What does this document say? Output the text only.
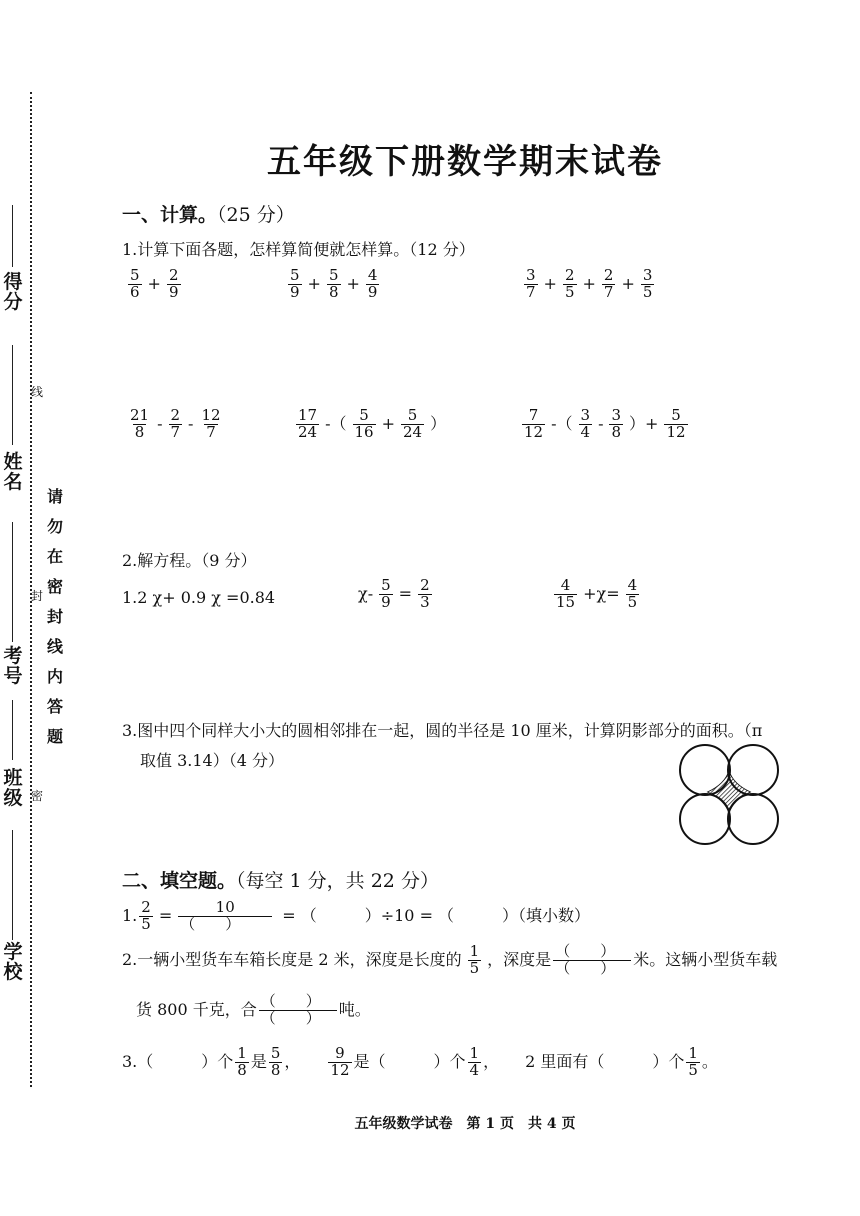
得分
姓名
考号
班级
学校
线
封
密
请
勿
在
密
封
线
内
答
题
五年级下册数学期末试卷
一、计算。（25 分）
1.计算下面各题，怎样算简便就怎样算。（12 分）
$\frac{5}{6} + \frac{2}{9}$	$\frac{5}{9} + \frac{5}{8} + \frac{4}{9}$	$\frac{3}{7} + \frac{2}{5} + \frac{2}{7} + \frac{3}{5}$
$\frac{21}{8} - \frac{2}{7} - \frac{12}{7}$	$\frac{17}{24}$ -（ $\frac{5}{16} + \frac{5}{24}$ ）	$\frac{7}{12}$ -（ $\frac{3}{4} - \frac{3}{8}$ ）+ $\frac{5}{12}$
2.解方程。（9 分）
1.2 χ+ 0.9 χ =0.84	$\chi- \frac{5}{9} = \frac{2}{3}$	$\frac{4}{15} +\chi= \frac{4}{5}$
3.图中四个同样大小大的圆相邻排在一起，圆的半径是 10 厘米，计算阴影部分的面积。（π
取值 3.14）（4 分）
二、填空题。（每空 1 分，共 22 分）
1. $\frac{2}{5} = \frac{10}{( )}$ = （　　　）÷10 = （　　　）（填小数）
2.一辆小型货车车箱长度是 2 米，深度是长度的 $\frac{1}{5}$ ，深度是 $\frac{( )}{( )}$ 米。这辆小型货车载
货 800 千克，合 $\frac{( )}{( )}$ 吨。
3.（　　　）个 $\frac{1}{8}$ 是 $\frac{5}{8}$ ， $\frac{9}{12}$ 是（　　　）个 $\frac{1}{4}$ ， 2 里面有（　　　）个 $\frac{1}{5}$ 。
五年级数学试卷　第 1 页　共 4 页
